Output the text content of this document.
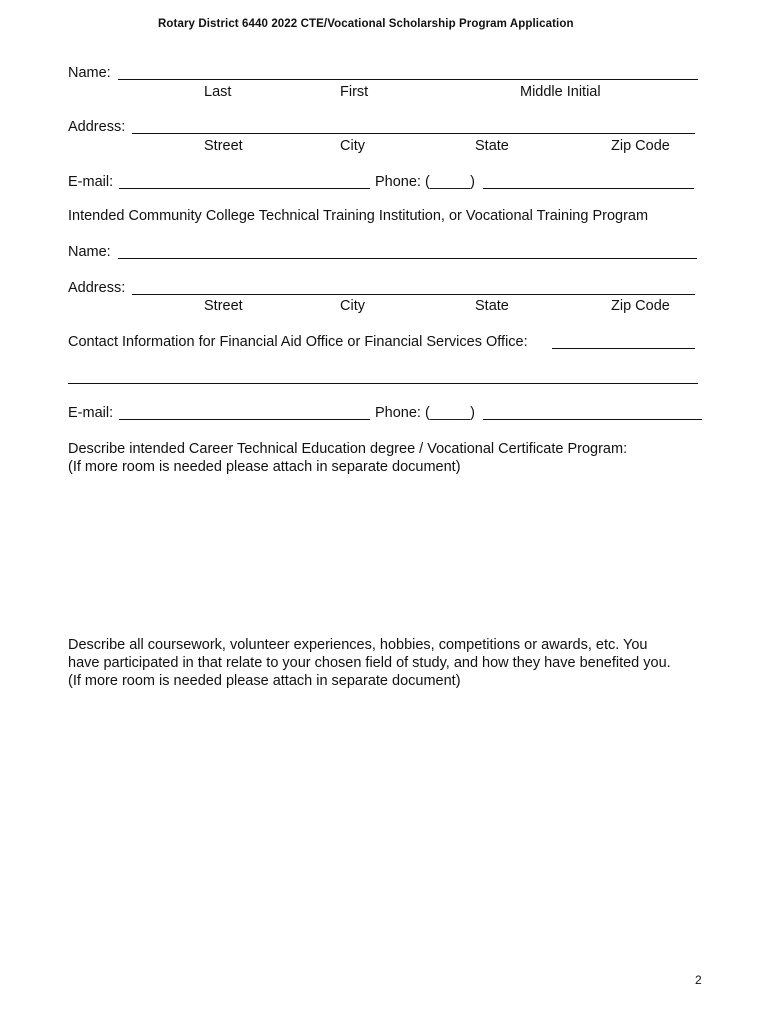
Rotary District 6440 2022 CTE/Vocational Scholarship Program Application
Name:
Last	First	Middle Initial
Address:
Street	City	State	Zip Code
E-mail:	Phone: (_____)
Intended Community College Technical Training Institution, or Vocational Training Program
Name:
Address:
Street	City	State	Zip Code
Contact Information for Financial Aid Office or Financial Services Office:
E-mail:	Phone: (_____)
Describe intended Career Technical Education degree / Vocational Certificate Program:
(If more room is needed please attach in separate document)
Describe all coursework, volunteer experiences, hobbies, competitions or awards, etc. You
have participated in that relate to your chosen field of study, and how they have benefited you.
(If more room is needed please attach in separate document)
2
